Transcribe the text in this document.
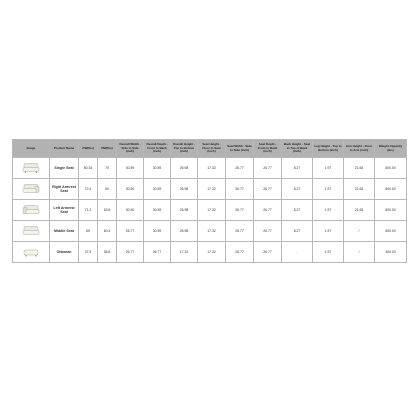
Image	Product Name	OW(lbs)	NW(lbs)	Overall Width - Side to Side (inch)	Overall Depth - Front to Back (inch)	Overall Height - Top to Bottom (inch)	Seat Height - Floor to Seat (inch)	Seat Width - Side to Side (inch)	Seat Depth - Front to Back (inch)	Back Height - Seat to Top of Back (inch)	Leg Height - Top to Bottom (inch)	Arm Height - Floor to Arm (inch)	Weight Capacity (lbs)

	Single Seat	80.34	70	30.59	30.59	25.98	17.32	26.77	26.77	8.27	1.97	21.65	600.00

	Right Armrest Seat	72.4	60	30.50	30.59	25.98	17.32	26.77	26.77	8.27	1.97	21.65	600.00

	Left Armrest Seat	71.2	63.8	30.50	30.59	25.98	17.32	26.77	26.77	8.27	1.97	21.65	600.00

	Middle Seat	65	60.4	26.77	30.59	25.98	17.32	26.77	26.77	8.27	1.97	/	600.00

	Ottoman	37.9	36.6	26.77	26.77	17.32	17.32	26.77	26.77	-	1.97	/	300.00
